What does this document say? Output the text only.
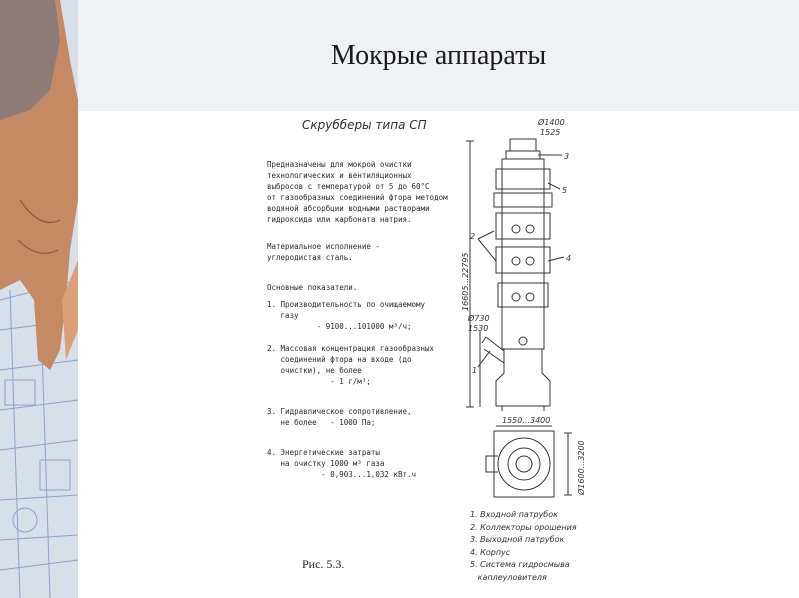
Мокрые аппараты
Скрубберы типа СП
Предназначены для мокрой очистки
технологических и вентиляционных
выбросов с температурой от 5 до 60°С
от газообразных соединений фтора методом
водяной абсорбции водными растворами
гидроксида или карбоната натрия.
Материальное исполнение -
углеродистая сталь.
Основные показатели.
1. Производительность по очищаемому
газу
- 9100...101000 м³/ч;
2. Массовая концентрация газообразных
соединений фтора на входе (до
очистки), не более
- 1 г/м³;
3. Гидравлическое сопротивление,
не более   - 1000 Па;
4. Энергетические затраты
на очистку 1000 м³ газа
- 0,903...1,032 кВт.ч
Рис. 5.3.
Ø1400
1525
3
5
2
4
1
16605...22795
Ø730
1530
1550...3400
Ø1600...3200
1. Входной патрубок
2. Коллекторы орошения
3. Выходной патрубок
4. Корпус
5. Система гидросмыва
каплеуловителя
